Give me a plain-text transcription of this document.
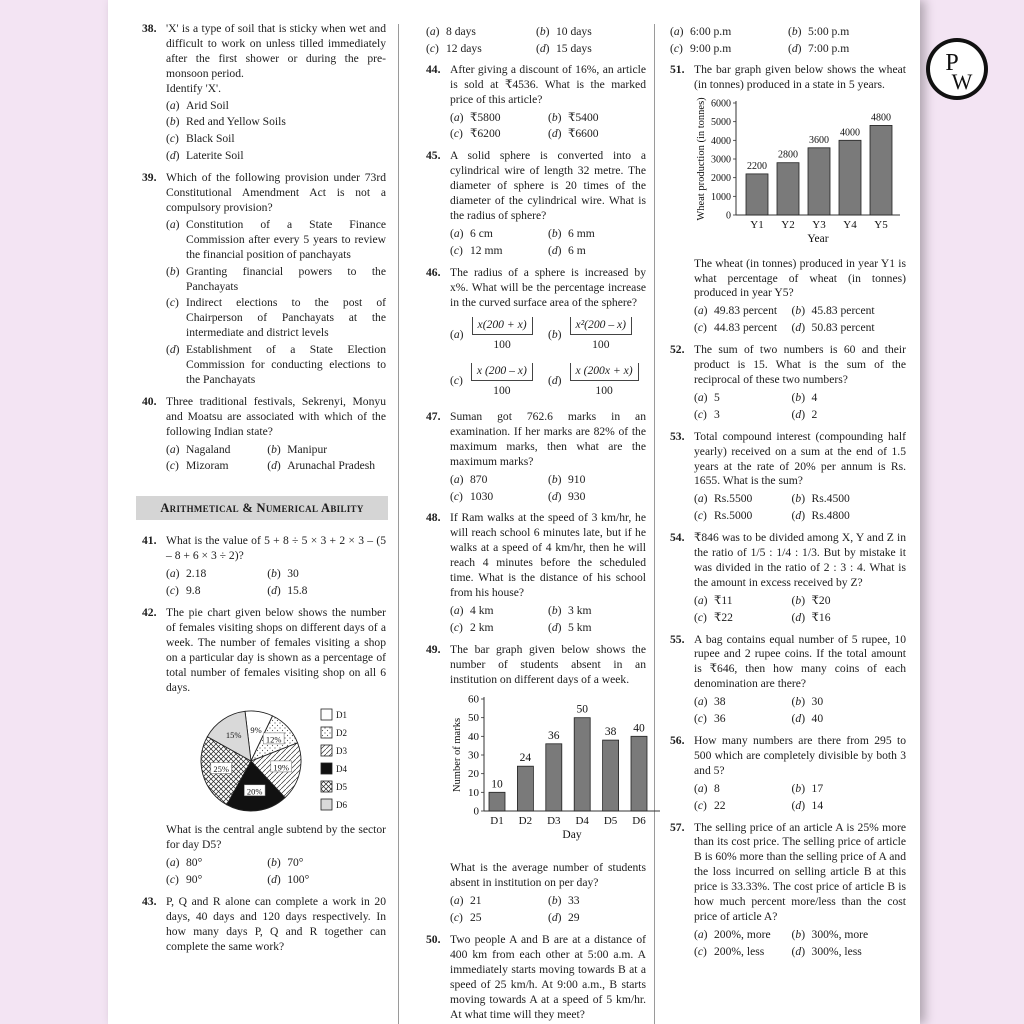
38. 'X' is a type of soil that is sticky when wet and difficult to work on unless tilled immediately after the first shower or during the pre-monsoon period.
Identify 'X'.
( a ) Arid Soil
( b ) Red and Yellow Soils
( c ) Black Soil
( d ) Laterite Soil
39. Which of the following provision under 73rd Constitutional Amendment Act is not a compulsory provision?
( a ) Constitution of a State Finance Commission after every 5 years to review the financial position of panchayats
( b ) Granting financial powers to the Panchayats
( c ) Indirect elections to the post of Chairperson of Panchayats at the intermediate and district levels
( d ) Establishment of a State Election Commission for conducting elections to the Panchayats
40. Three traditional festivals, Sekrenyi, Monyu and Moatsu are associated with which of the following Indian state?
( a ) Nagaland	( b ) Manipur
( c ) Mizoram	( d ) Arunachal Pradesh
Arithmetical & Numerical Ability
41. What is the value of 5 + 8 ÷ 5 × 3 + 2 × 3 – (5 – 8 + 6 × 3 ÷ 2)?
( a ) 2.18	( b ) 30
( c ) 9.8	( d ) 15.8
42. The pie chart given below shows the number of females visiting shops on different days of a week. The number of females visiting a shop on a particular day is shown as a percentage of total number of females visiting shop on all 6 days.
9%
12%
19%
20%
25%
15%
D1
D2
D3
D4
D5
D6
What is the central angle subtend by the sector for day D5?
( a ) 80°	( b ) 70°
( c ) 90°	( d ) 100°
43. P, Q and R alone can complete a work in 20 days, 40 days and 120 days respectively. In how many days P, Q and R together can complete the same work?
( a ) 8 days	( b ) 10 days
( c ) 12 days	( d ) 15 days
44. After giving a discount of 16%, an article is sold at ₹4536. What is the marked price of this article?
( a ) ₹5800	( b ) ₹5400
( c ) ₹6200	( d ) ₹6600
45. A solid sphere is converted into a cylindrical wire of length 32 metre. The diameter of sphere is 20 times of the diameter of the cylindrical wire. What is the radius of sphere?
( a ) 6 cm	( b ) 6 mm
( c ) 12 mm	( d ) 6 m
46. The radius of a sphere is increased by x%. What will be the percentage increase in the curved surface area of the sphere?
( a )	$\frac{x(200 + x)}{100}$	( b )	$\frac{\text{x²(200 – x)}}{100}$
( c )	$\frac{x (200 - x)}{100}$	( d )	$\frac{x (200x + x)}{100}$
47. Suman got 762.6 marks in an examination. If her marks are 82% of the maximum marks, then what are the maximum marks?
( a ) 870	( b ) 910
( c ) 1030	( d ) 930
48. If Ram walks at the speed of 3 km/hr, he will reach school 6 minutes late, but if he walks at a speed of 4 km/hr, then he will reach 4 minutes before the scheduled time. What is the distance of his school from his house?
( a ) 4 km	( b ) 3 km
( c ) 2 km	( d ) 5 km
49. The bar graph given below shows the number of students absent in an institution on different days of a week.
0
10
20
30
40
50
60
10
D1
24
D2
36
D3
50
D4
38
D5
40
D6
Day
Number of marks
What is the average number of students absent in institution on per day?
( a ) 21	( b ) 33
( c ) 25	( d ) 29
50. Two people A and B are at a distance of 400 km from each other at 5:00 a.m. A immediately starts moving towards B at a speed of 25 km/h. At 9:00 a.m., B starts moving towards A at a speed of 5 km/hr. At what time will they meet?
( a ) 6:00 p.m	( b ) 5:00 p.m
( c ) 9:00 p.m	( d ) 7:00 p.m
51. The bar graph given below shows the wheat (in tonnes) produced in a state in 5 years.
0
1000
2000
3000
4000
5000
6000
2200
Y1
2800
Y2
3600
Y3
4000
Y4
4800
Y5
Year
Wheat production (in tonnes)
The wheat (in tonnes) produced in year Y1 is what percentage of wheat (in tonnes) produced in year Y5?
( a ) 49.83 percent	( b ) 45.83 percent
( c ) 44.83 percent	( d ) 50.83 percent
52. The sum of two numbers is 60 and their product is 15. What is the sum of the reciprocal of these two numbers?
( a ) 5	( b ) 4
( c ) 3	( d ) 2
53. Total compound interest (compounding half yearly) received on a sum at the end of 1.5 years at the rate of 20% per annum is Rs. 1655. What is the sum?
( a ) Rs.5500	( b ) Rs.4500
( c ) Rs.5000	( d ) Rs.4800
54. ₹846 was to be divided among X, Y and Z in the ratio of 1/5 : 1/4 : 1/3. But by mistake it was divided in the ratio of 2 : 3 : 4. What is the amount in excess received by Z?
( a ) ₹11	( b ) ₹20
( c ) ₹22	( d ) ₹16
55. A bag contains equal number of 5 rupee, 10 rupee and 2 rupee coins. If the total amount is ₹646, then how many coins of each denomination are there?
( a ) 38	( b ) 30
( c ) 36	( d ) 40
56. How many numbers are there from 295 to 500 which are completely divisible by both 3 and 5?
( a ) 8	( b ) 17
( c ) 22	( d ) 14
57. The selling price of an article A is 25% more than its cost price. The selling price of article B is 60% more than the selling price of A and the loss incurred on selling article B at this price is 33.33%. The cost price of article B is how much percent more/less than the cost price of article A?
( a ) 200%, more	( b ) 300%, more
( c ) 200%, less	( d ) 300%, less
P
W
